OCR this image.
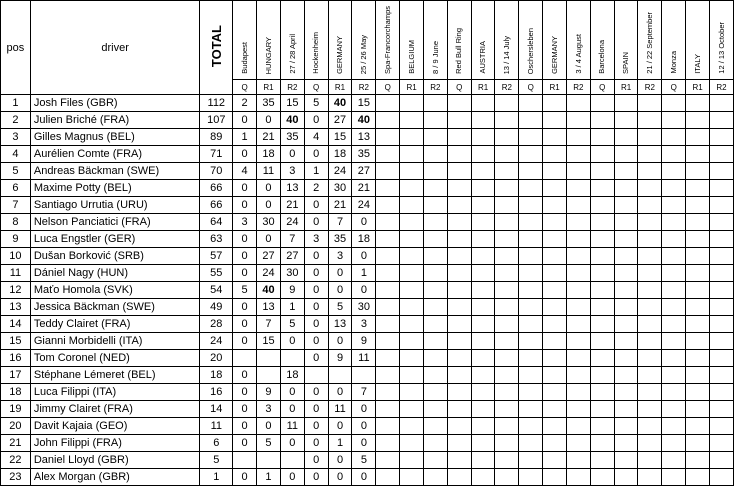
pos	driver	TOTAL	Budapest	HUNGARY	27 / 28 April	Hockenheim	GERMANY	25 / 26 May	Spa-Francorchamps	BELGIUM	8 / 9 June	Red Bull Ring	AUSTRIA	13 / 14 July	Oschersleben	GERMANY	3 / 4 August	Barcelona	SPAIN	21 / 22 September	Monza	ITALY	12 / 13 October
			Q	R1	R2	Q	R1	R2	Q	R1	R2	Q	R1	R2	Q	R1	R2	Q	R1	R2	Q	R1	R2
1	Josh Files (GBR)	112	2	35	15	5	40	15															
2	Julien Briché (FRA)	107	0	0	40	0	27	40															
3	Gilles Magnus (BEL)	89	1	21	35	4	15	13															
4	Aurélien Comte (FRA)	71	0	18	0	0	18	35															
5	Andreas Bäckman (SWE)	70	4	11	3	1	24	27															
6	Maxime Potty (BEL)	66	0	0	13	2	30	21															
7	Santiago Urrutia (URU)	66	0	0	21	0	21	24															
8	Nelson Panciatici (FRA)	64	3	30	24	0	7	0															
9	Luca Engstler (GER)	63	0	0	7	3	35	18															
10	Dušan Borković (SRB)	57	0	27	27	0	3	0															
11	Dániel Nagy (HUN)	55	0	24	30	0	0	1															
12	Maťo Homola (SVK)	54	5	40	9	0	0	0															
13	Jessica Bäckman (SWE)	49	0	13	1	0	5	30															
14	Teddy Clairet (FRA)	28	0	7	5	0	13	3															
15	Gianni Morbidelli (ITA)	24	0	15	0	0	0	9															
16	Tom Coronel (NED)	20				0	9	11															
17	Stéphane Lémeret (BEL)	18	0		18																		
18	Luca Filippi (ITA)	16	0	9	0	0	0	7															
19	Jimmy Clairet (FRA)	14	0	3	0	0	11	0															
20	Davit Kajaia (GEO)	11	0	0	11	0	0	0															
21	John Filippi (FRA)	6	0	5	0	0	1	0															
22	Daniel Lloyd (GBR)	5				0	0	5															
23	Alex Morgan (GBR)	1	0	1	0	0	0	0															
